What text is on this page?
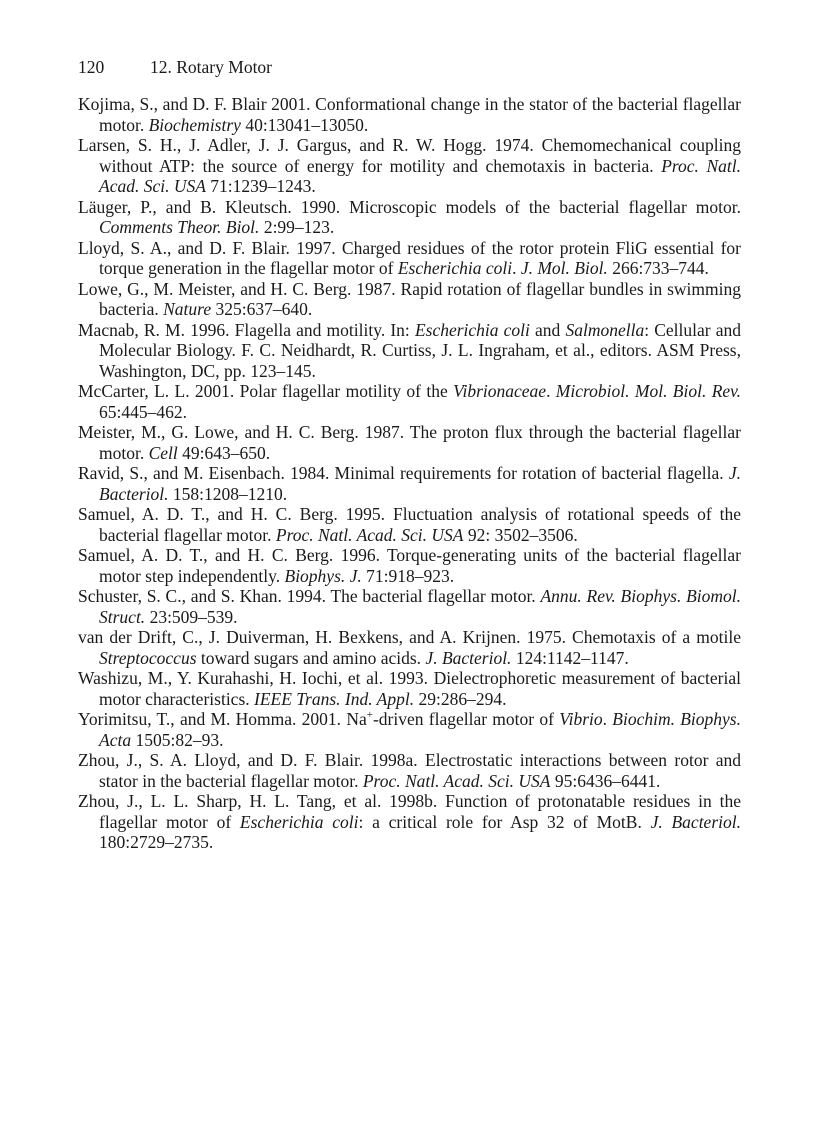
120	12. Rotary Motor

Kojima, S., and D. F. Blair 2001. Conformational change in the stator of the bacterial flagellar motor. Biochemistry 40:13041–13050.

Larsen, S. H., J. Adler, J. J. Gargus, and R. W. Hogg. 1974. Chemomechanical coupling without ATP: the source of energy for motility and chemotaxis in bacteria. Proc. Natl. Acad. Sci. USA 71:1239–1243.

Läuger, P., and B. Kleutsch. 1990. Microscopic models of the bacterial flagellar motor. Comments Theor. Biol. 2:99–123.

Lloyd, S. A., and D. F. Blair. 1997. Charged residues of the rotor protein FliG essential for torque generation in the flagellar motor of Escherichia coli. J. Mol. Biol. 266:733–744.

Lowe, G., M. Meister, and H. C. Berg. 1987. Rapid rotation of flagellar bundles in swimming bacteria. Nature 325:637–640.

Macnab, R. M. 1996. Flagella and motility. In: Escherichia coli and Salmonella: Cellular and Molecular Biology. F. C. Neidhardt, R. Curtiss, J. L. Ingraham, et al., editors. ASM Press, Washington, DC, pp. 123–145.

McCarter, L. L. 2001. Polar flagellar motility of the Vibrionaceae. Microbiol. Mol. Biol. Rev. 65:445–462.

Meister, M., G. Lowe, and H. C. Berg. 1987. The proton flux through the bacterial flagellar motor. Cell 49:643–650.

Ravid, S., and M. Eisenbach. 1984. Minimal requirements for rotation of bacterial flagella. J. Bacteriol. 158:1208–1210.

Samuel, A. D. T., and H. C. Berg. 1995. Fluctuation analysis of rotational speeds of the bacterial flagellar motor. Proc. Natl. Acad. Sci. USA 92: 3502–3506.

Samuel, A. D. T., and H. C. Berg. 1996. Torque-generating units of the bacterial flagellar motor step independently. Biophys. J. 71:918–923.

Schuster, S. C., and S. Khan. 1994. The bacterial flagellar motor. Annu. Rev. Biophys. Biomol. Struct. 23:509–539.

van der Drift, C., J. Duiverman, H. Bexkens, and A. Krijnen. 1975. Chemotaxis of a motile Streptococcus toward sugars and amino acids. J. Bacteriol. 124:1142–1147.

Washizu, M., Y. Kurahashi, H. Iochi, et al. 1993. Dielectrophoretic measurement of bacterial motor characteristics. IEEE Trans. Ind. Appl. 29:286–294.

Yorimitsu, T., and M. Homma. 2001. Na+-driven flagellar motor of Vibrio. Biochim. Biophys. Acta 1505:82–93.

Zhou, J., S. A. Lloyd, and D. F. Blair. 1998a. Electrostatic interactions between rotor and stator in the bacterial flagellar motor. Proc. Natl. Acad. Sci. USA 95:6436–6441.

Zhou, J., L. L. Sharp, H. L. Tang, et al. 1998b. Function of protonatable residues in the flagellar motor of Escherichia coli: a critical role for Asp 32 of MotB. J. Bacteriol. 180:2729–2735.
